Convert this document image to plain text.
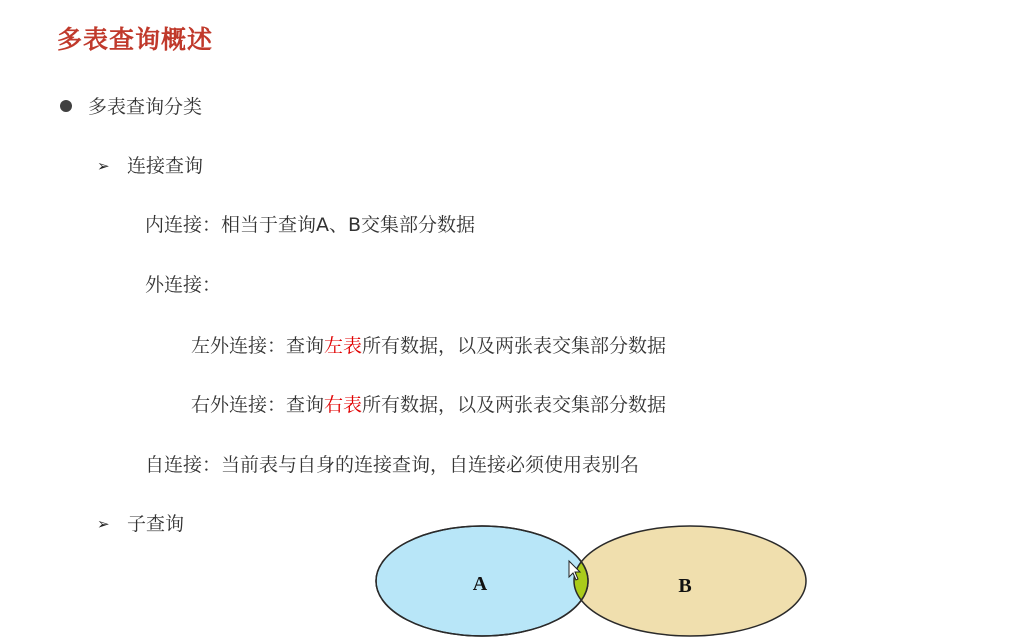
多表查询概述
多表查询分类
➢ 连接查询
内连接：相当于查询A、B交集部分数据
外连接：
左外连接：查询左表所有数据，以及两张表交集部分数据
右外连接：查询右表所有数据，以及两张表交集部分数据
自连接：当前表与自身的连接查询，自连接必须使用表别名
➢ 子查询
A	B
